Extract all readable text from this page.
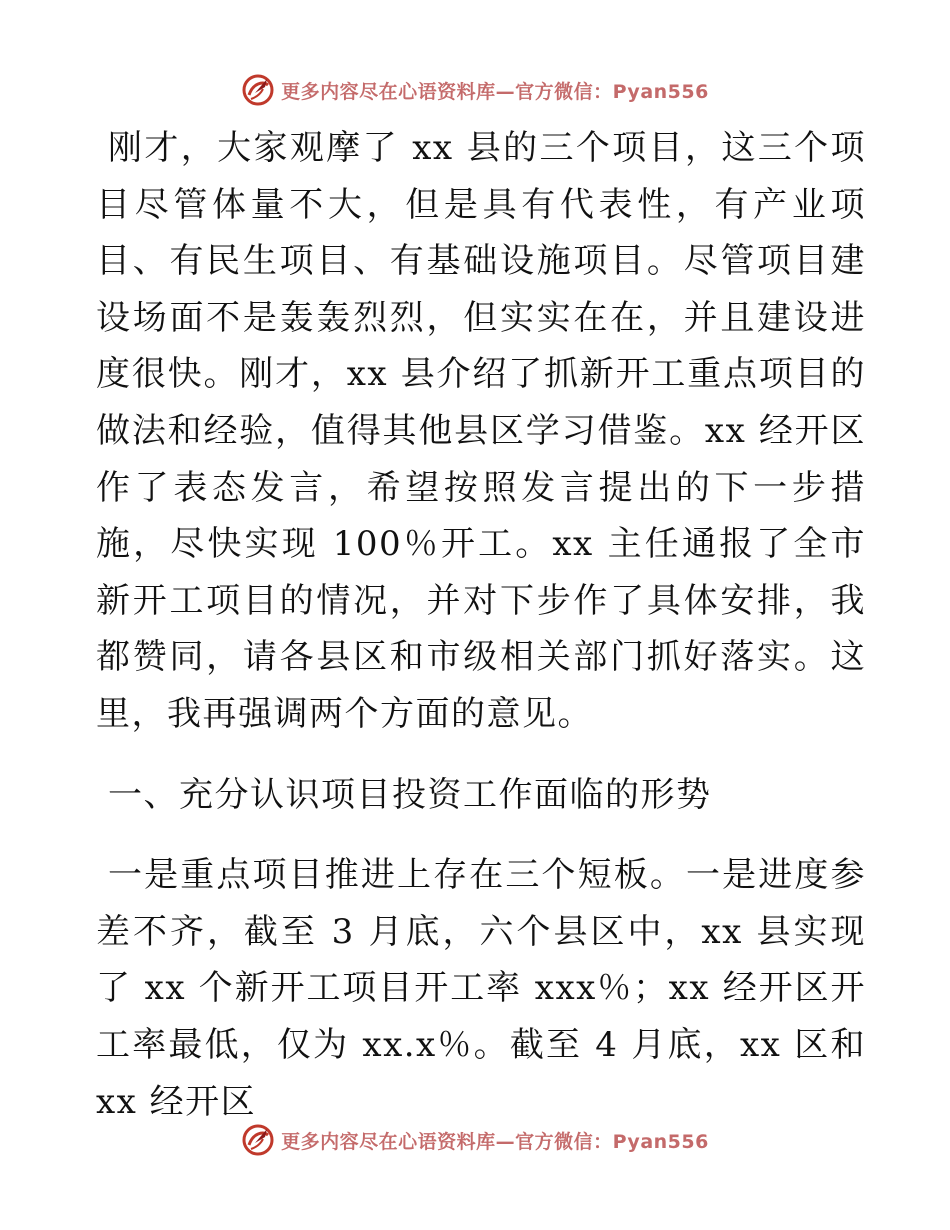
更多内容尽在心语资料库—官方微信：Pyan556

刚才，大家观摩了 xx 县的三个项目，这三个项目尽管体量不大，但是具有代表性，有产业项目、有民生项目、有基础设施项目。尽管项目建设场面不是轰轰烈烈，但实实在在，并且建设进度很快。刚才，xx 县介绍了抓新开工重点项目的做法和经验，值得其他县区学习借鉴。xx 经开区作了表态发言，希望按照发言提出的下一步措施，尽快实现 100％开工。xx 主任通报了全市新开工项目的情况，并对下步作了具体安排，我都赞同，请各县区和市级相关部门抓好落实。这里，我再强调两个方面的意见。

一、充分认识项目投资工作面临的形势

一是重点项目推进上存在三个短板。一是进度参差不齐，截至 3 月底，六个县区中，xx 县实现了 xx 个新开工项目开工率 xxx％；xx 经开区开工率最低，仅为 xx.x％。截至 4 月底，xx 区和 xx 经开区

更多内容尽在心语资料库—官方微信：Pyan556
